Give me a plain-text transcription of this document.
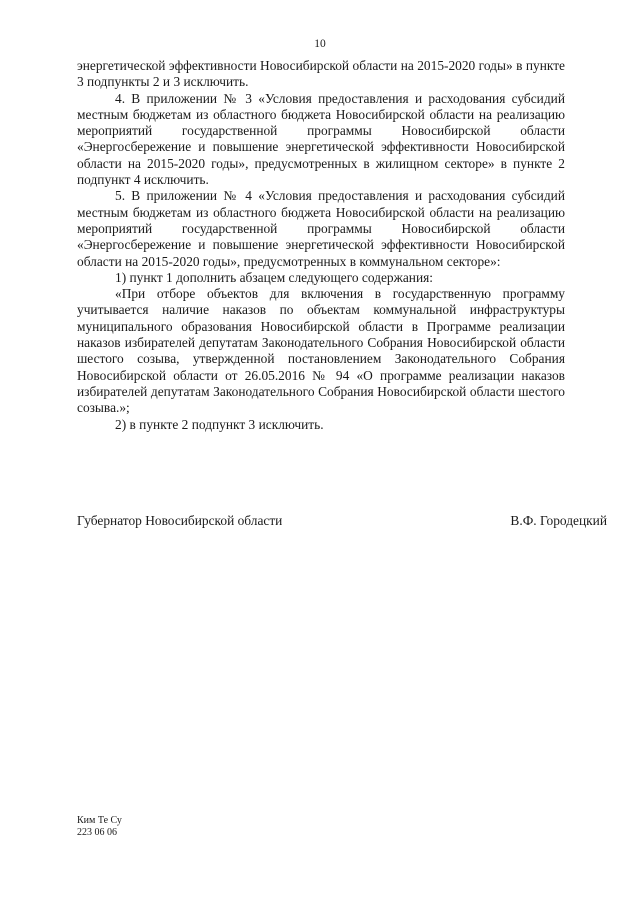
10

энергетической эффективности Новосибирской области на 2015-2020 годы» в пункте 3 подпункты 2 и 3 исключить.

4. В приложении № 3 «Условия предоставления и расходования субсидий местным бюджетам из областного бюджета Новосибирской области на реализацию мероприятий государственной программы Новосибирской области «Энергосбережение и повышение энергетической эффективности Новосибирской области на 2015-2020 годы», предусмотренных в жилищном секторе» в пункте 2 подпункт 4 исключить.

5. В приложении № 4 «Условия предоставления и расходования субсидий местным бюджетам из областного бюджета Новосибирской области на реализацию мероприятий государственной программы Новосибирской области «Энергосбережение и повышение энергетической эффективности Новосибирской области на 2015-2020 годы», предусмотренных в коммунальном секторе»:

1) пункт 1 дополнить абзацем следующего содержания:

«При отборе объектов для включения в государственную программу учитывается наличие наказов по объектам коммунальной инфраструктуры муниципального образования Новосибирской области в Программе реализации наказов избирателей депутатам Законодательного Собрания Новосибирской области шестого созыва, утвержденной постановлением Законодательного Собрания Новосибирской области от 26.05.2016 № 94 «О программе реализации наказов избирателей депутатам Законодательного Собрания Новосибирской области шестого созыва.»;

2) в пункте 2 подпункт 3 исключить.

Губернатор Новосибирской области	В.Ф. Городецкий
Ким Те Су
223 06 06
